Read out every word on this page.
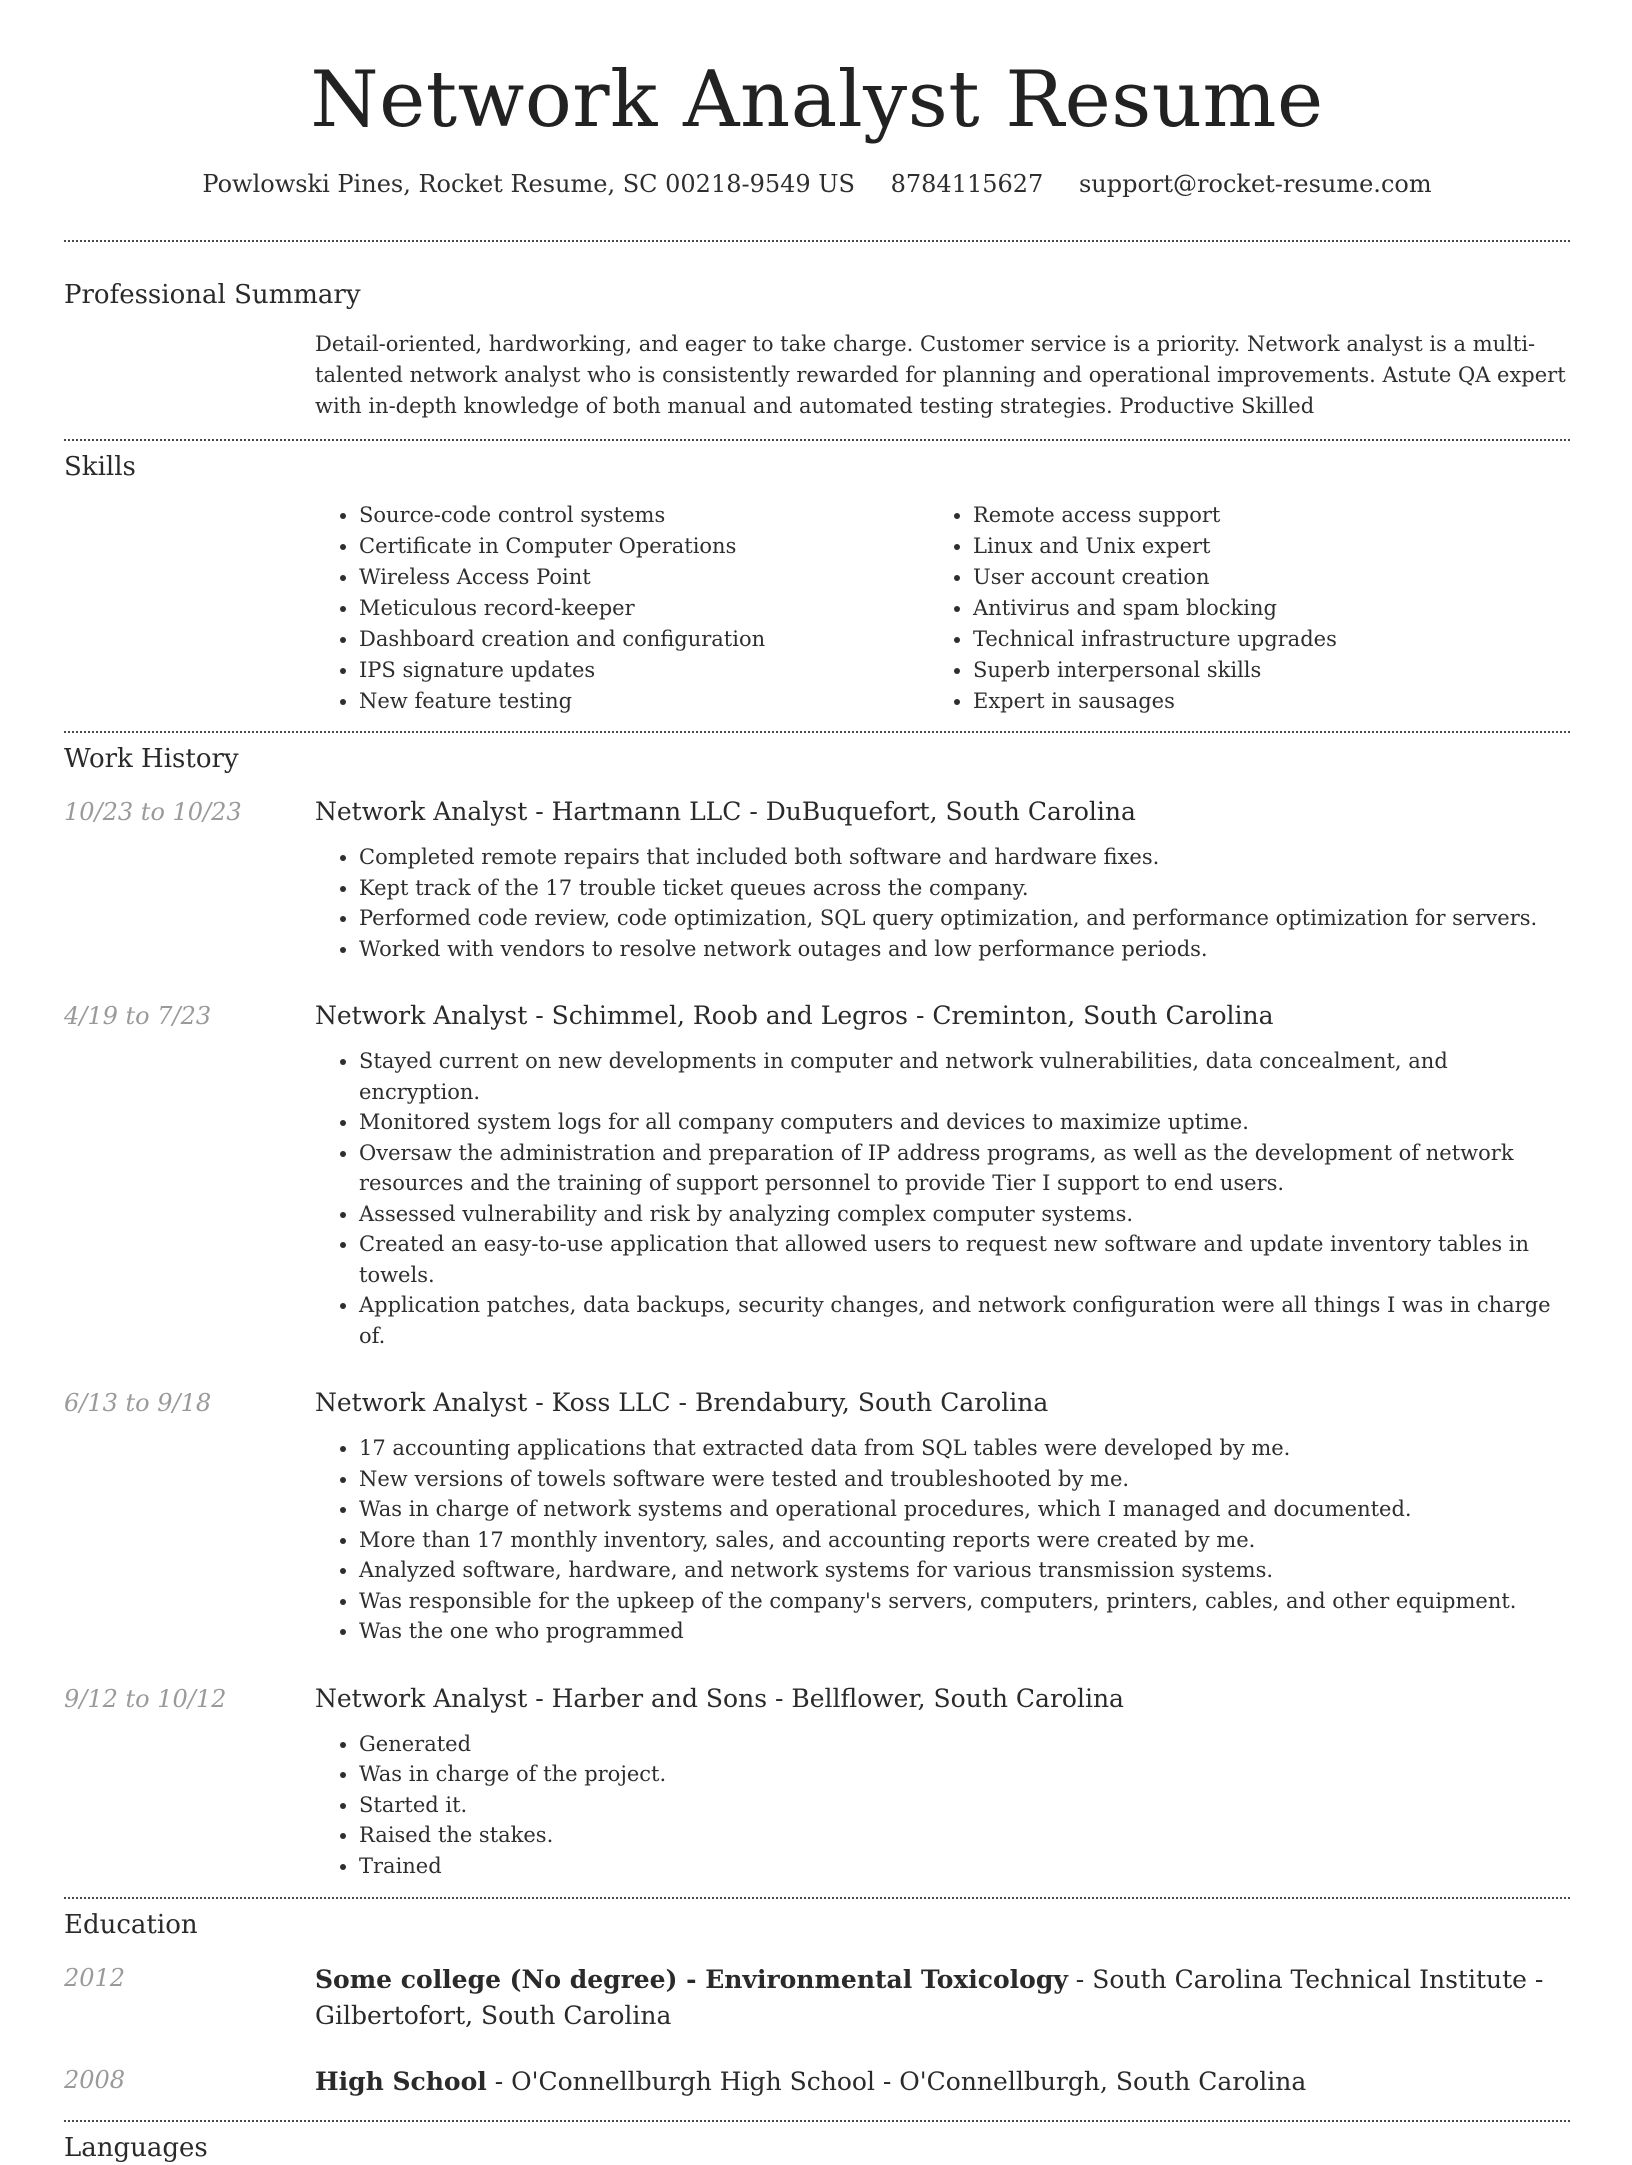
Network Analyst Resume
Powlowski Pines, Rocket Resume, SC 00218-9549 US 8784115627 support@rocket-resume.com
Professional Summary

Detail-oriented, hardworking, and eager to take charge. Customer service is a priority. Network analyst is a multi-talented network analyst who is consistently rewarded for planning and operational improvements. Astute QA expert with in-depth knowledge of both manual and automated testing strategies. Productive Skilled

Skills
• Source-code control systems
• Certificate in Computer Operations
• Wireless Access Point
• Meticulous record-keeper
• Dashboard creation and configuration
• IPS signature updates
• New feature testing
• Remote access support
• Linux and Unix expert
• User account creation
• Antivirus and spam blocking
• Technical infrastructure upgrades
• Superb interpersonal skills
• Expert in sausages
Work History
10/23 to 10/23	Network Analyst - Hartmann LLC - DuBuquefort, South Carolina
• Completed remote repairs that included both software and hardware fixes.
• Kept track of the 17 trouble ticket queues across the company.
• Performed code review, code optimization, SQL query optimization, and performance optimization for servers.
• Worked with vendors to resolve network outages and low performance periods.
4/19 to 7/23	Network Analyst - Schimmel, Roob and Legros - Creminton, South Carolina
• Stayed current on new developments in computer and network vulnerabilities, data concealment, and encryption.
• Monitored system logs for all company computers and devices to maximize uptime.
• Oversaw the administration and preparation of IP address programs, as well as the development of network resources and the training of support personnel to provide Tier I support to end users.
• Assessed vulnerability and risk by analyzing complex computer systems.
• Created an easy-to-use application that allowed users to request new software and update inventory tables in towels.
• Application patches, data backups, security changes, and network configuration were all things I was in charge of.
6/13 to 9/18	Network Analyst - Koss LLC - Brendabury, South Carolina
• 17 accounting applications that extracted data from SQL tables were developed by me.
• New versions of towels software were tested and troubleshooted by me.
• Was in charge of network systems and operational procedures, which I managed and documented.
• More than 17 monthly inventory, sales, and accounting reports were created by me.
• Analyzed software, hardware, and network systems for various transmission systems.
• Was responsible for the upkeep of the company's servers, computers, printers, cables, and other equipment.
• Was the one who programmed
9/12 to 10/12	Network Analyst - Harber and Sons - Bellflower, South Carolina
• Generated
• Was in charge of the project.
• Started it.
• Raised the stakes.
• Trained
Education
2012	Some college (No degree) - Environmental Toxicology - South Carolina Technical Institute - Gilbertofort, South Carolina
2008	High School - O'Connellburgh High School - O'Connellburgh, South Carolina
Languages
